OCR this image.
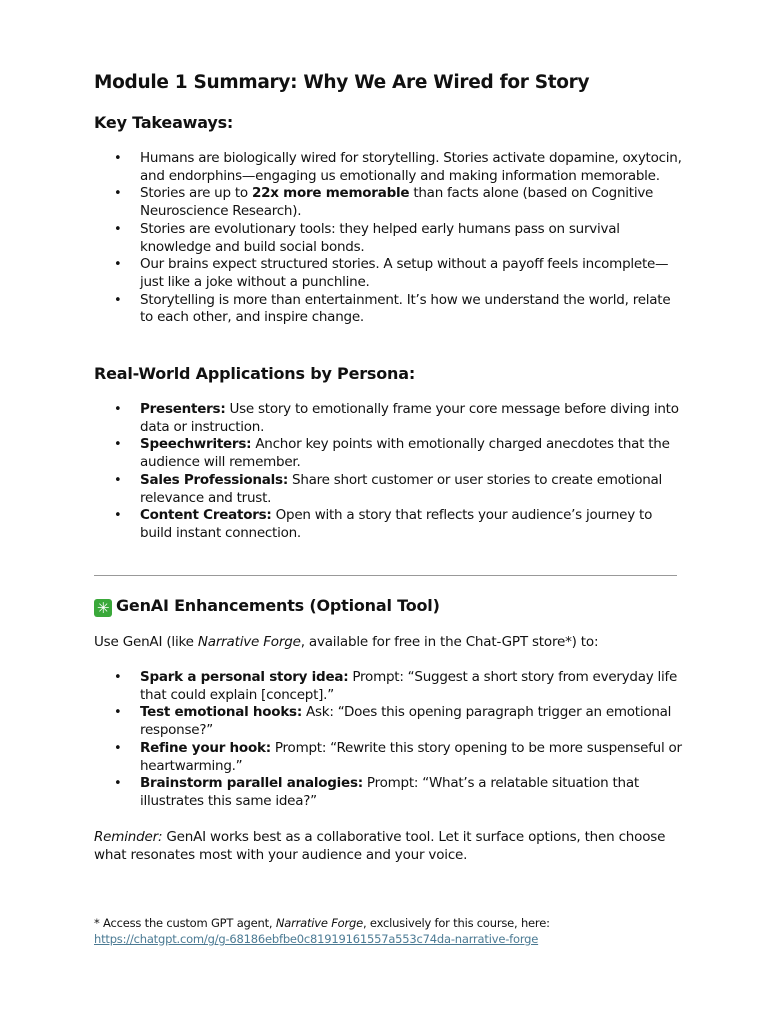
Module 1 Summary: Why We Are Wired for Story
Key Takeaways:
• Humans are biologically wired for storytelling. Stories activate dopamine, oxytocin, and endorphins—engaging us emotionally and making information memorable.
• Stories are up to 22x more memorable than facts alone (based on Cognitive Neuroscience Research).
• Stories are evolutionary tools: they helped early humans pass on survival knowledge and build social bonds.
• Our brains expect structured stories. A setup without a payoff feels incomplete—just like a joke without a punchline.
• Storytelling is more than entertainment. It’s how we understand the world, relate to each other, and inspire change.
Real-World Applications by Persona:
• Presenters: Use story to emotionally frame your core message before diving into data or instruction.
• Speechwriters: Anchor key points with emotionally charged anecdotes that the audience will remember.
• Sales Professionals: Share short customer or user stories to create emotional relevance and trust.
• Content Creators: Open with a story that reflects your audience’s journey to build instant connection.
✳ GenAI Enhancements (Optional Tool)

Use GenAI (like Narrative Forge, available for free in the Chat-GPT store*) to:

• Spark a personal story idea: Prompt: “Suggest a short story from everyday life that could explain [concept].”
• Test emotional hooks: Ask: “Does this opening paragraph trigger an emotional response?”
• Refine your hook: Prompt: “Rewrite this story opening to be more suspenseful or heartwarming.”
• Brainstorm parallel analogies: Prompt: “What’s a relatable situation that illustrates this same idea?”

Reminder: GenAI works best as a collaborative tool. Let it surface options, then choose what resonates most with your audience and your voice.

* Access the custom GPT agent, Narrative Forge, exclusively for this course, here:
https://chatgpt.com/g/g-68186ebfbe0c81919161557a553c74da-narrative-forge
